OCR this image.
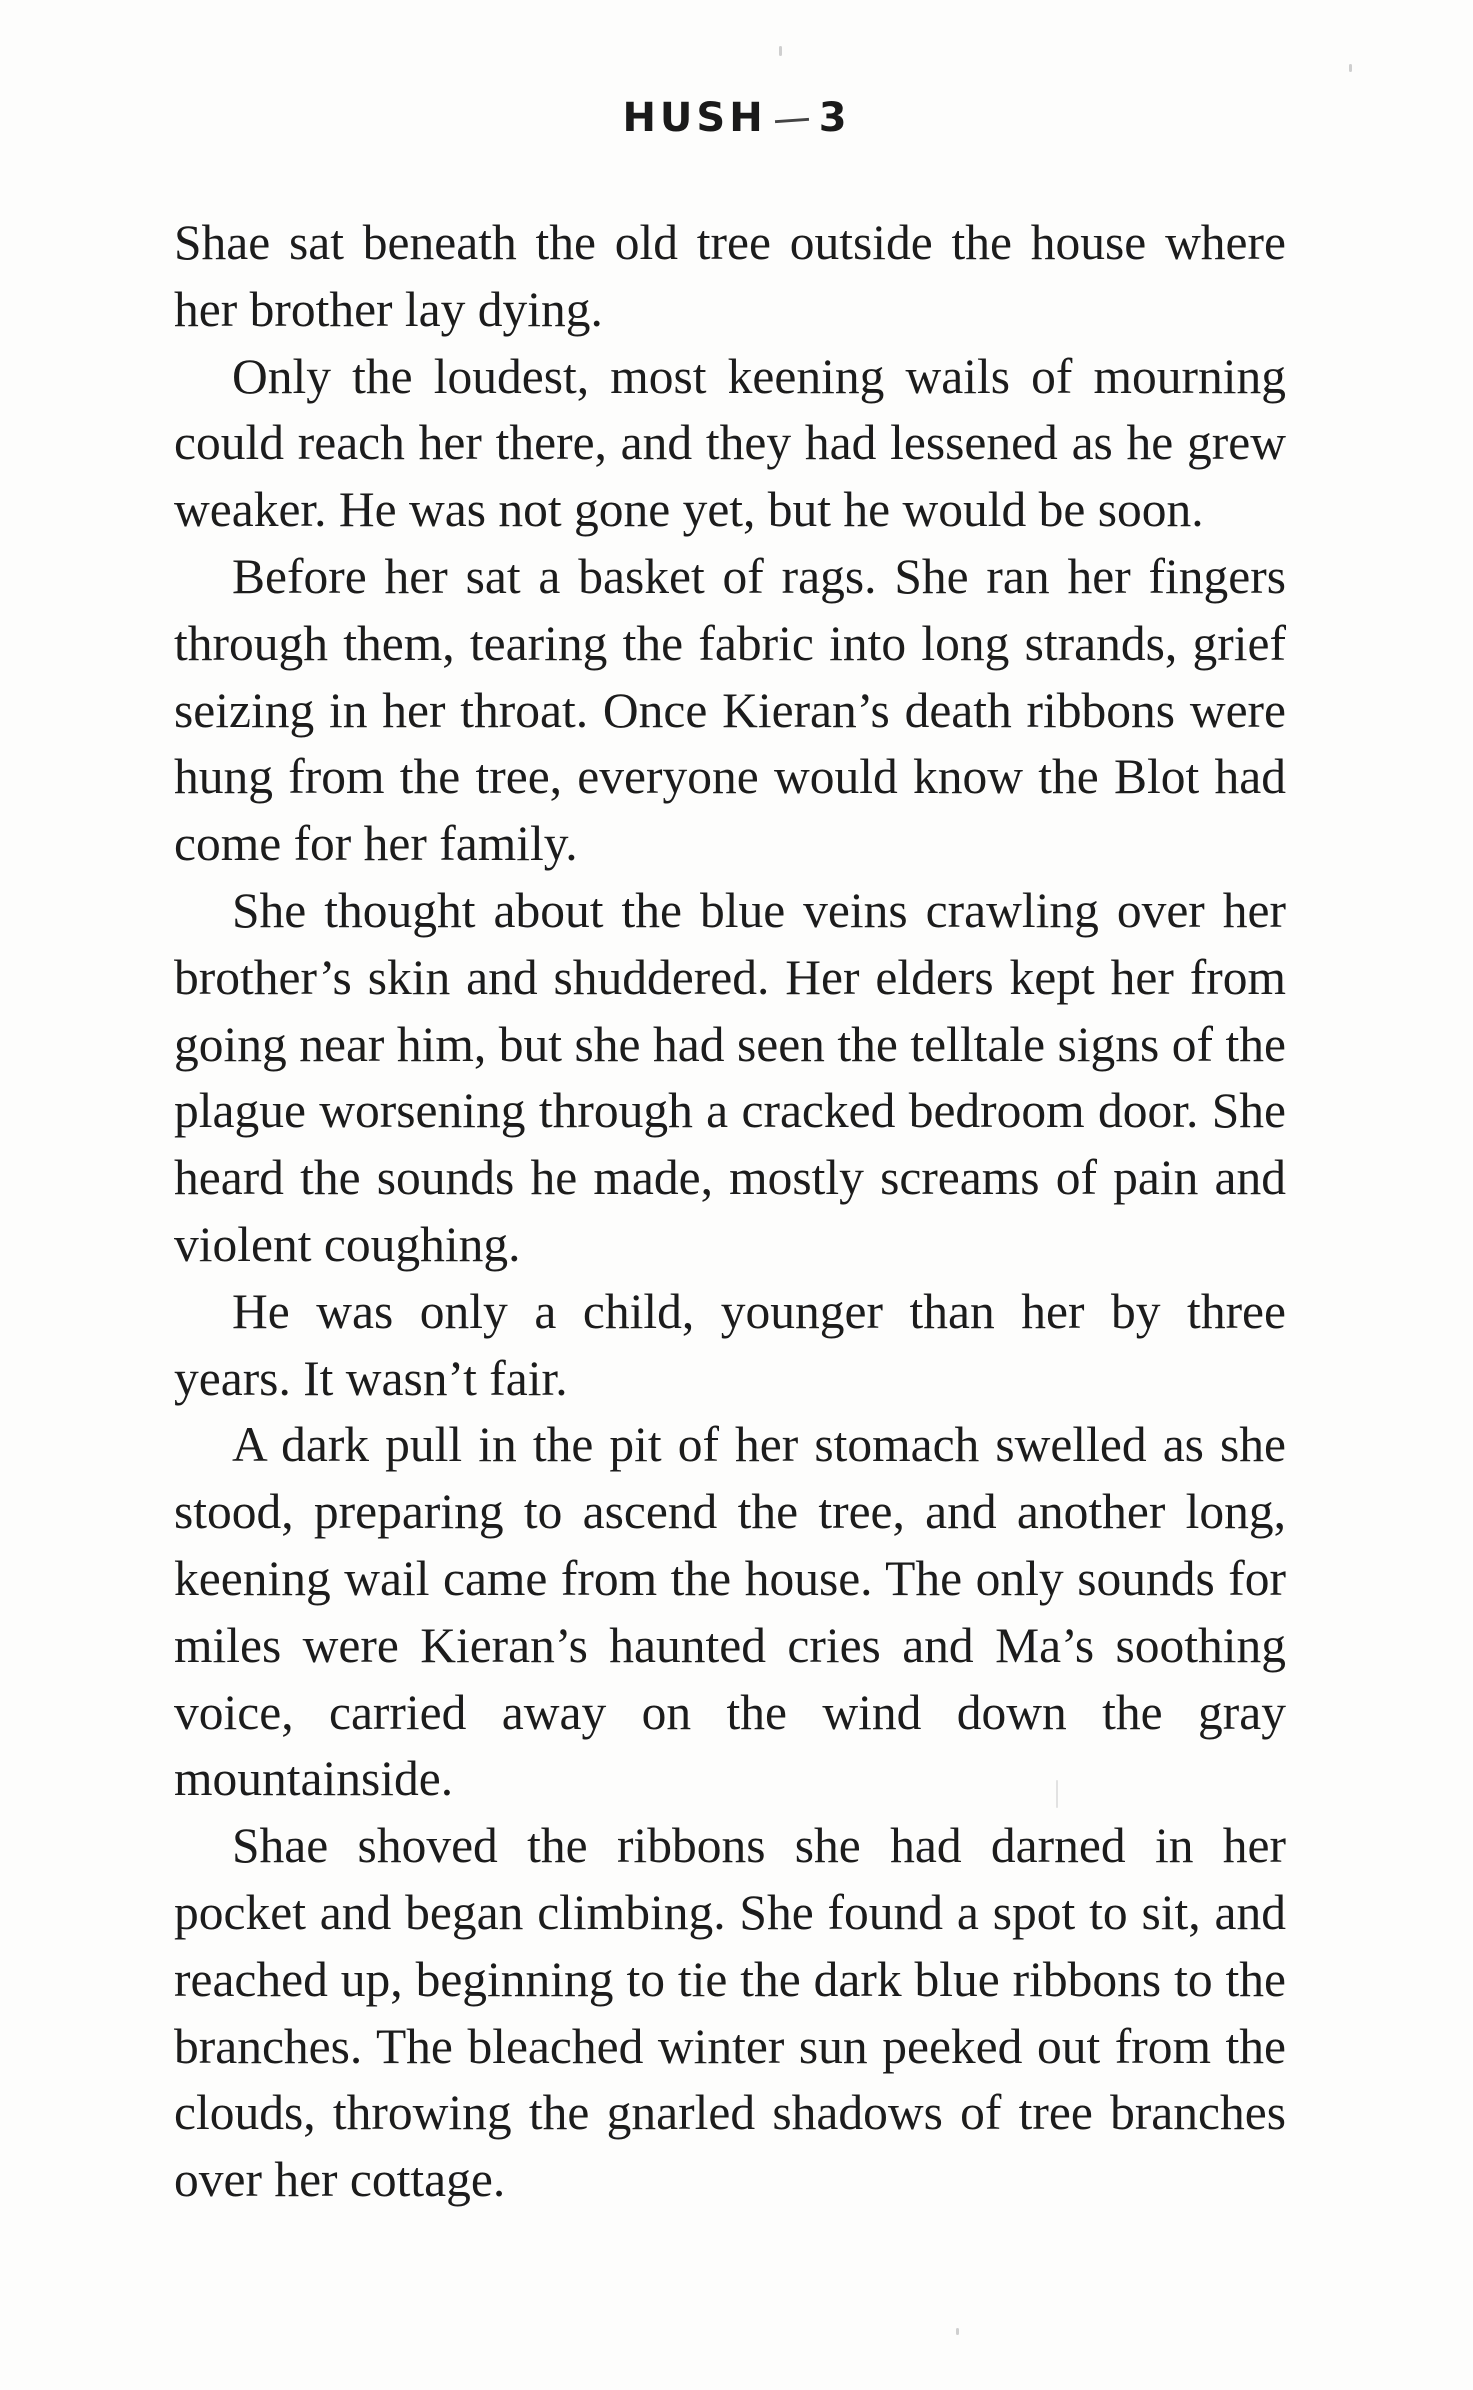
HUSH 3

Shae sat beneath the old tree outside the house where her brother lay dying.

Only the loudest, most keening wails of mourning could reach her there, and they had lessened as he grew weaker. He was not gone yet, but he would be soon.

Before her sat a basket of rags. She ran her fingers through them, tearing the fabric into long strands, grief seizing in her throat. Once Kieran’s death ribbons were hung from the tree, everyone would know the Blot had come for her family.

She thought about the blue veins crawling over her brother’s skin and shuddered. Her elders kept her from going near him, but she had seen the telltale signs of the plague worsening through a cracked bedroom door. She heard the sounds he made, mostly screams of pain and violent coughing.

He was only a child, younger than her by three years. It wasn’t fair.

A dark pull in the pit of her stomach swelled as she stood, preparing to ascend the tree, and another long, keening wail came from the house. The only sounds for miles were Kieran’s haunted cries and Ma’s soothing voice, carried away on the wind down the gray mountainside.

Shae shoved the ribbons she had darned in her pocket and began climbing. She found a spot to sit, and reached up, beginning to tie the dark blue ribbons to the branches. The bleached winter sun peeked out from the clouds, throwing the gnarled shadows of tree branches over her cottage.
